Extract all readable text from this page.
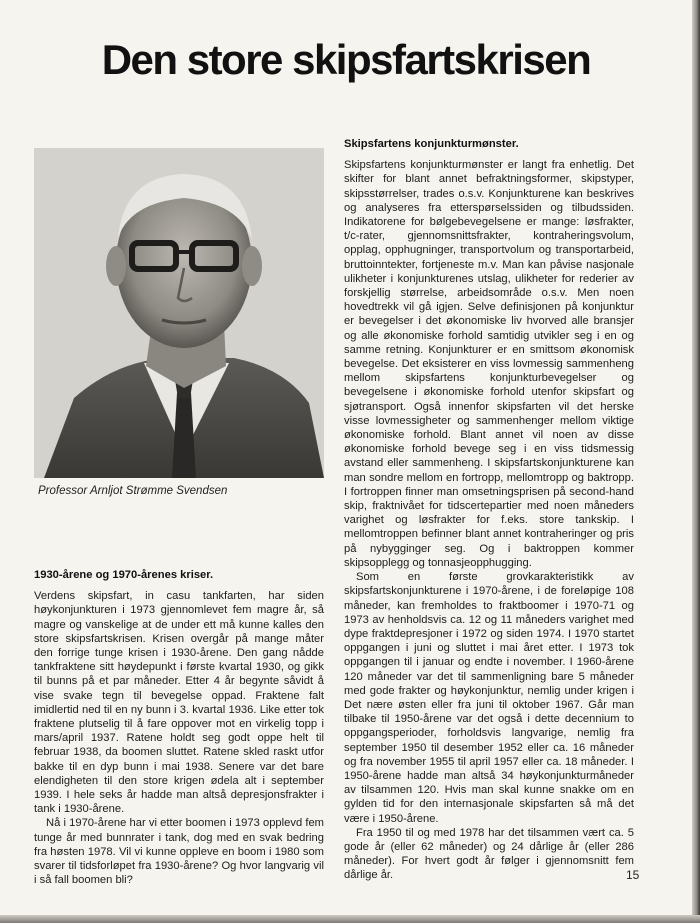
Den store skipsfartskrisen
Professor Arnljot Strømme Svendsen
1930-årene og 1970-årenes kriser.

Verdens skipsfart, in casu tankfarten, har siden høykonjunkturen i 1973 gjennomlevet fem magre år, så magre og vanskelige at de under ett må kunne kalles den store skipsfartskrisen. Krisen overgår på mange måter den forrige tunge krisen i 1930-årene. Den gang nådde tankfraktene sitt høydepunkt i første kvartal 1930, og gikk til bunns på et par måneder. Etter 4 år begynte såvidt å vise svake tegn til bevegelse oppad. Fraktene falt imidlertid ned til en ny bunn i 3. kvartal 1936. Like etter tok fraktene plutselig til å fare oppover mot en virkelig topp i mars/april 1937. Ratene holdt seg godt oppe helt til februar 1938, da boomen sluttet. Ratene skled raskt utfor bakke til en dyp bunn i mai 1938. Senere var det bare elendigheten til den store krigen ødela alt i september 1939. I hele seks år hadde man altså depresjonsfrakter i tank i 1930-årene.

Nå i 1970-årene har vi etter boomen i 1973 opplevd fem tunge år med bunnrater i tank, dog med en svak bedring fra høsten 1978. Vil vi kunne oppleve en boom i 1980 som svarer til tidsforløpet fra 1930-årene? Og hvor langvarig vil i så fall boomen bli?

Skipsfartens konjunkturmønster.

Skipsfartens konjunkturmønster er langt fra enhetlig. Det skifter for blant annet befraktningsformer, skipstyper, skipsstørrelser, trades o.s.v. Konjunkturene kan beskrives og analyseres fra etterspørselssiden og tilbudssiden. Indikatorene for bølgebevegelsene er mange: løsfrakter, t/c-rater, gjennomsnittsfrakter, kontraheringsvolum, opplag, opphugninger, transportvolum og transportarbeid, bruttoinntekter, fortjeneste m.v. Man kan påvise nasjonale ulikheter i konjunkturenes utslag, ulikheter for rederier av forskjellig størrelse, arbeidsområde o.s.v. Men noen hovedtrekk vil gå igjen. Selve definisjonen på konjunktur er bevegelser i det økonomiske liv hvorved alle bransjer og alle økonomiske forhold samtidig utvikler seg i en og samme retning. Konjunkturer er en smittsom økonomisk bevegelse. Det eksisterer en viss lovmessig sammenheng mellom skipsfartens konjunkturbevegelser og bevegelsene i økonomiske forhold utenfor skipsfart og sjøtransport. Også innenfor skipsfarten vil det herske visse lovmessigheter og sammenhenger mellom viktige økonomiske forhold. Blant annet vil noen av disse økonomiske forhold bevege seg i en viss tidsmessig avstand eller sammenheng. I skipsfartskonjunkturene kan man sondre mellom en fortropp, mellomtropp og baktropp. I fortroppen finner man omsetningsprisen på second-hand skip, fraktnivået for tidscertepartier med noen måneders varighet og løsfrakter for f.eks. store tankskip. I mellomtroppen befinner blant annet kontraheringer og pris på nybygginger seg. Og i baktroppen kommer skipsopplegg og tonnasjeopphugging.

Som en første grovkarakteristikk av skipsfartskonjunkturene i 1970-årene, i de foreløpige 108 måneder, kan fremholdes to fraktboomer i 1970-71 og 1973 av henholdsvis ca. 12 og 11 måneders varighet med dype fraktdepresjoner i 1972 og siden 1974. I 1970 startet oppgangen i juni og sluttet i mai året etter. I 1973 tok oppgangen til i januar og endte i november. I 1960-årene 120 måneder var det til sammenligning bare 5 måneder med gode frakter og høykonjunktur, nemlig under krigen i Det nære østen eller fra juni til oktober 1967. Går man tilbake til 1950-årene var det også i dette decennium to oppgangsperioder, forholdsvis langvarige, nemlig fra september 1950 til desember 1952 eller ca. 16 måneder og fra november 1955 til april 1957 eller ca. 18 måneder. I 1950-årene hadde man altså 34 høykonjunkturmåneder av tilsammen 120. Hvis man skal kunne snakke om en gylden tid for den internasjonale skipsfarten så må det være i 1950-årene.

Fra 1950 til og med 1978 har det tilsammen vært ca. 5 gode år (eller 62 måneder) og 24 dårlige år (eller 286 måneder). For hvert godt år følger i gjennomsnitt fem dårlige år.	15
